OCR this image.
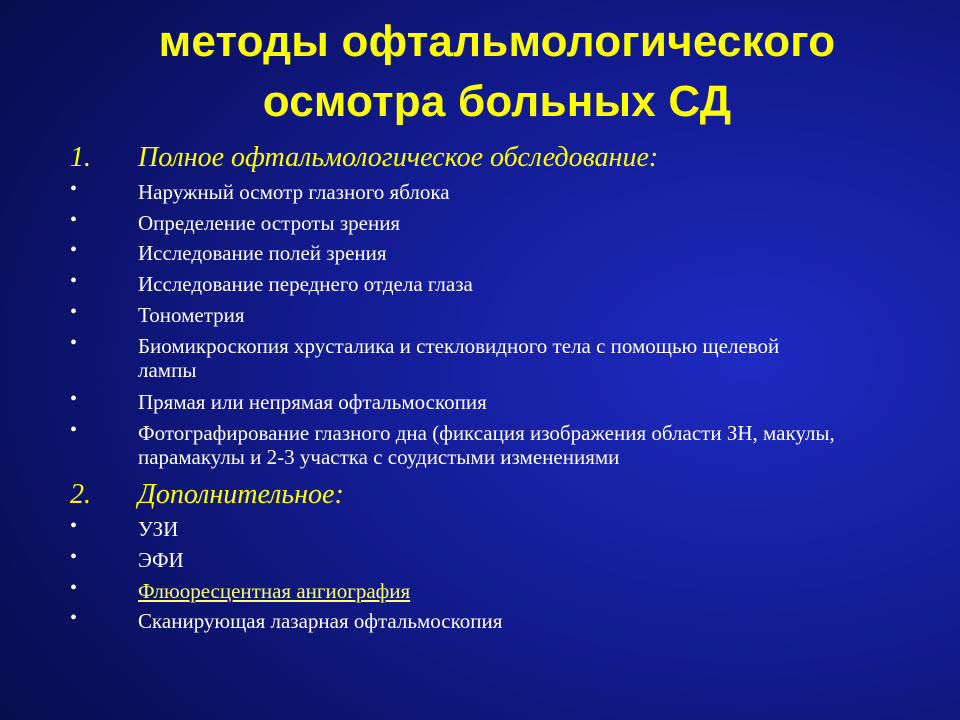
методы офтальмологического
осмотра больных СД
1. Полное офтальмологическое обследование:
•	Наружный осмотр глазного яблока
•	Определение остроты зрения
•	Исследование полей зрения
•	Исследование переднего отдела глаза
•	Тонометрия
•	Биомикроскопия хрусталика и стекловидного тела с помощью щелевой лампы
•	Прямая или непрямая офтальмоскопия
•	Фотографирование глазного дна (фиксация изображения области ЗН, макулы, парамакулы и 2-3 участка с соудистыми изменениями
2. Дополнительное:
•	УЗИ
•	ЭФИ
•	Флюоресцентная ангиография
•	Сканирующая лазарная офтальмоскопия
